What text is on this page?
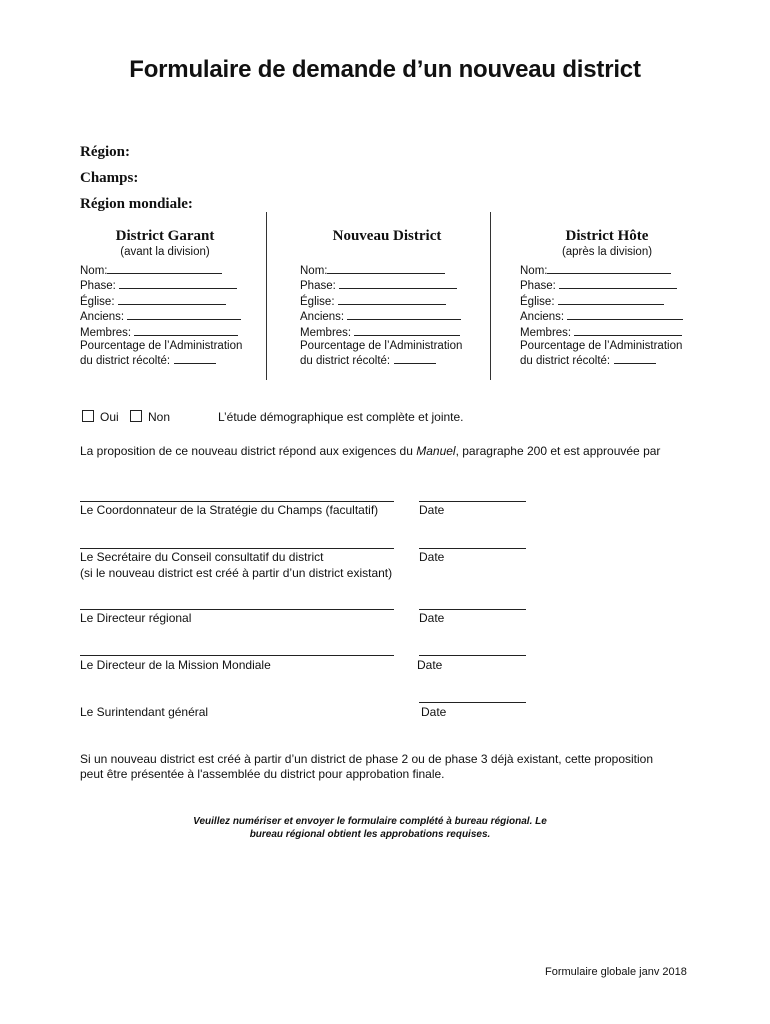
Formulaire de demande d’un nouveau district
Région:
Champs:
Région mondiale:
District Garant
(avant la division)
Nom:
Phase:
Église:
Anciens:
Membres:
Pourcentage de l’Administration
du district récolté:
Nouveau District
Nom:
Phase:
Église:
Anciens:
Membres:
Pourcentage de l’Administration
du district récolté:
District Hôte
(après la division)
Nom:
Phase:
Église:
Anciens:
Membres:
Pourcentage de l’Administration
du district récolté:
Oui	Non	L’étude démographique est complète et jointe.
La proposition de ce nouveau district répond aux exigences du Manuel, paragraphe 200 et est approuvée par
Le Coordonnateur de la Stratégie du Champs (facultatif)	Date
Le Secrétaire du Conseil consultatif du district
(si le nouveau district est créé à partir d’un district existant)
Date
Le Directeur régional	Date
Le Directeur de la Mission Mondiale	Date
Le Surintendant général	Date
Si un nouveau district est créé à partir d’un district de phase 2 ou de phase 3 déjà existant, cette proposition
peut être présentée à l'assemblée du district pour approbation finale.
Veuillez numériser et envoyer le formulaire complété à bureau régional. Le
bureau régional obtient les approbations requises.
Formulaire globale janv 2018
